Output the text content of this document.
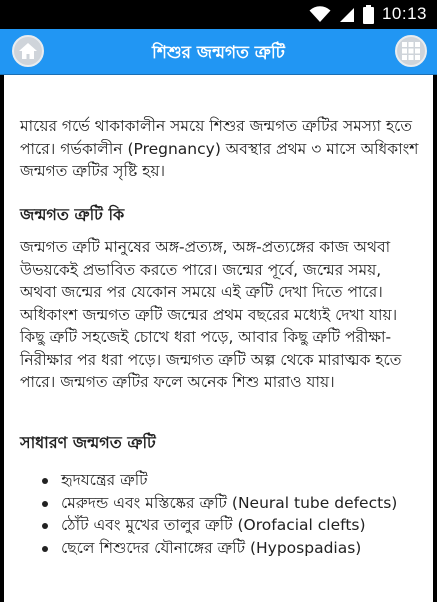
10:13
শিশুর জন্মগত ত্রুটি

মায়ের গর্ভে থাকাকালীন সময়ে শিশুর জন্মগত ত্রুটির সমস্যা হতে পারে। গর্ভকালীন (Pregnancy) অবস্থার প্রথম ৩ মাসে অধিকাংশ জন্মগত ত্রুটির সৃষ্টি হয়।

জন্মগত ত্রুটি কি

জন্মগত ত্রুটি মানুষের অঙ্গ-প্রত্যঙ্গ, অঙ্গ-প্রত্যঙ্গের কাজ অথবা উভয়কেই প্রভাবিত করতে পারে। জন্মের পূর্বে, জন্মের সময়, অথবা জন্মের পর যেকোন সময়ে এই ত্রুটি দেখা দিতে পারে। অধিকাংশ জন্মগত ত্রুটি জন্মের প্রথম বছরের মধ্যেই দেখা যায়। কিছু ত্রুটি সহজেই চোখে ধরা পড়ে, আবার কিছু ত্রুটি পরীক্ষা-নিরীক্ষার পর ধরা পড়ে। জন্মগত ত্রুটি অল্প থেকে মারাত্মক হতে পারে। জন্মগত ত্রুটির ফলে অনেক শিশু মারাও যায়।

সাধারণ জন্মগত ত্রুটি
হৃদযন্ত্রের ত্রুটি
মেরুদন্ড এবং মস্তিষ্কের ত্রুটি (Neural tube defects)
ঠোঁট এবং মুখের তালুর ত্রুটি (Orofacial clefts)
ছেলে শিশুদের যৌনাঙ্গের ত্রুটি (Hypospadias)
